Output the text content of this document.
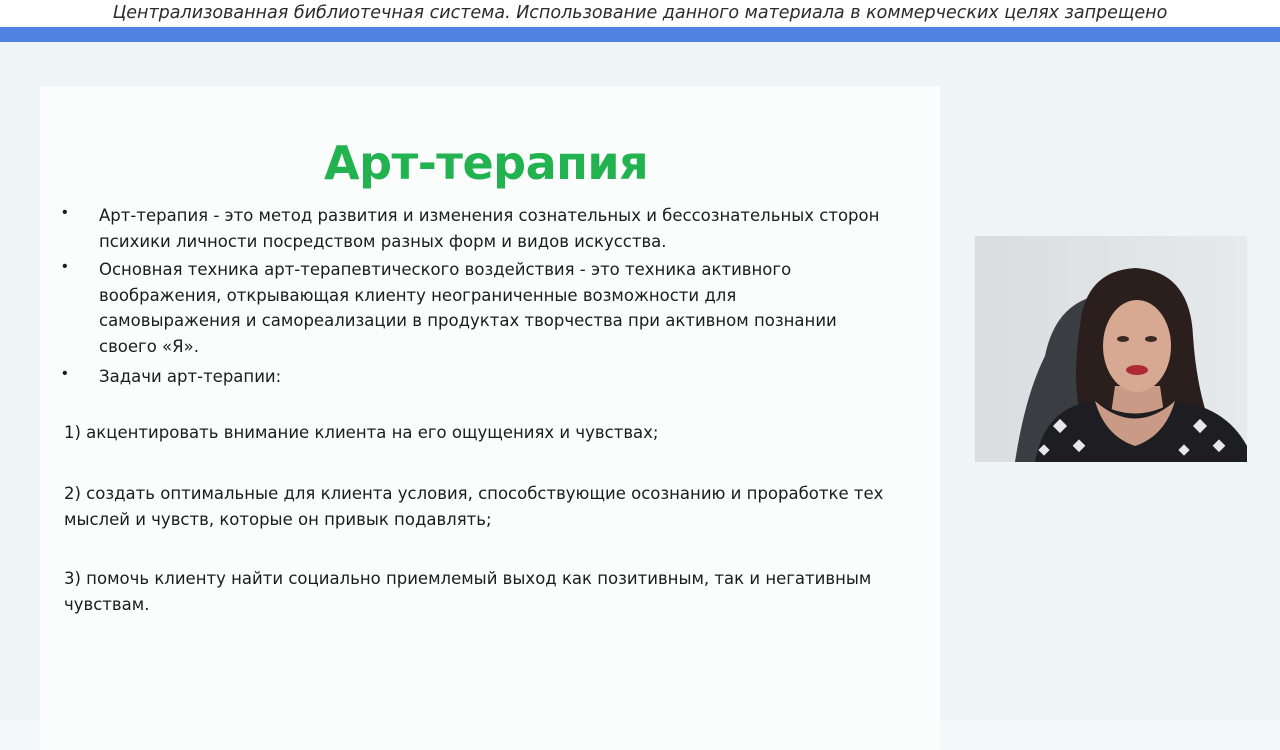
Централизованная библиотечная система. Использование данного материала в коммерческих целях запрещено
Арт-терапия
• Арт-терапия - это метод развития и изменения сознательных и бессознательных сторон
психики личности посредством разных форм и видов искусства.
• Основная техника арт-терапевтического воздействия - это техника активного
воображения, открывающая клиенту неограниченные возможности для
самовыражения и самореализации в продуктах творчества при активном познании
своего «Я».
• Задачи арт-терапии:
1) акцентировать внимание клиента на его ощущениях и чувствах;
2) создать оптимальные для клиента условия, способствующие осознанию и проработке тех
мыслей и чувств, которые он привык подавлять;
3) помочь клиенту найти социально приемлемый выход как позитивным, так и негативным
чувствам.
